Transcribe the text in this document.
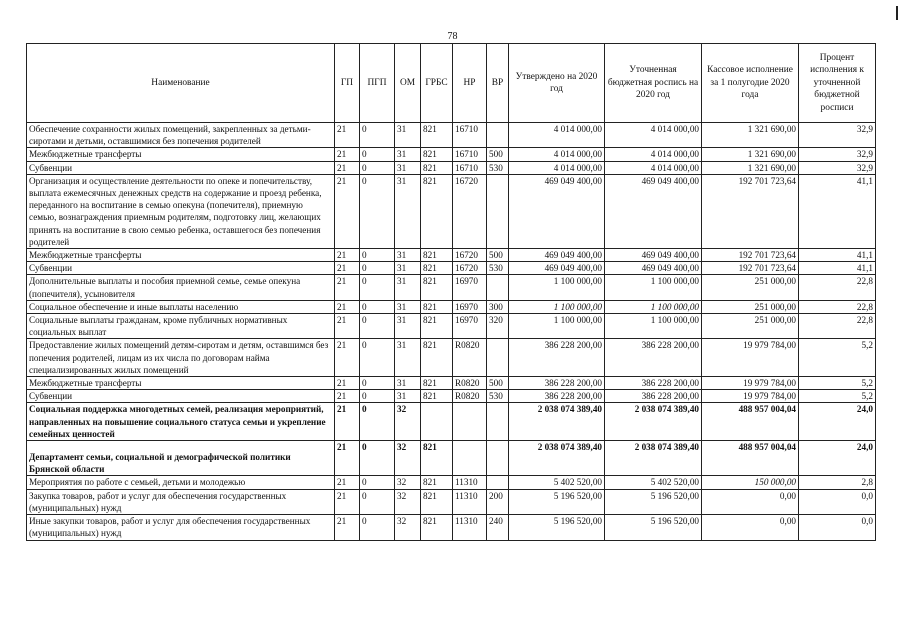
78
Наименование	ГП	ПГП	ОМ	ГРБС	НР	ВР	Утверждено на 2020 год	Уточненная бюджетная роспись на 2020 год	Кассовое исполнение за 1 полугодие 2020 года	Процент исполнения к уточненной бюджетной росписи
Обеспечение сохранности жилых помещений, закрепленных за детьми-сиротами и детьми, оставшимися без попечения родителей	21	0	31	821	16710		4 014 000,00	4 014 000,00	1 321 690,00	32,9
Межбюджетные трансферты	21	0	31	821	16710	500	4 014 000,00	4 014 000,00	1 321 690,00	32,9
Субвенции	21	0	31	821	16710	530	4 014 000,00	4 014 000,00	1 321 690,00	32,9
Организация и осуществление деятельности по опеке и попечительству, выплата ежемесячных денежных средств на содержание и проезд ребенка, переданного на воспитание в семью опекуна (попечителя), приемную семью, вознаграждения приемным родителям, подготовку лиц, желающих принять на воспитание в свою семью ребенка, оставшегося без попечения родителей	21	0	31	821	16720		469 049 400,00	469 049 400,00	192 701 723,64	41,1
Межбюджетные трансферты	21	0	31	821	16720	500	469 049 400,00	469 049 400,00	192 701 723,64	41,1
Субвенции	21	0	31	821	16720	530	469 049 400,00	469 049 400,00	192 701 723,64	41,1
Дополнительные выплаты и пособия приемной семье, семье опекуна (попечителя), усыновителя	21	0	31	821	16970		1 100 000,00	1 100 000,00	251 000,00	22,8
Социальное обеспечение и иные выплаты населению	21	0	31	821	16970	300	1 100 000,00	1 100 000,00	251 000,00	22,8
Социальные выплаты гражданам, кроме публичных нормативных социальных выплат	21	0	31	821	16970	320	1 100 000,00	1 100 000,00	251 000,00	22,8
Предоставление жилых помещений детям-сиротам и детям, оставшимся без попечения родителей, лицам из их числа по договорам найма специализированных жилых помещений	21	0	31	821	R0820		386 228 200,00	386 228 200,00	19 979 784,00	5,2
Межбюджетные трансферты	21	0	31	821	R0820	500	386 228 200,00	386 228 200,00	19 979 784,00	5,2
Субвенции	21	0	31	821	R0820	530	386 228 200,00	386 228 200,00	19 979 784,00	5,2
Социальная поддержка многодетных семей, реализация мероприятий, направленных на повышение социального статуса семьи и укрепление семейных ценностей	21	0	32				2 038 074 389,40	2 038 074 389,40	488 957 004,04	24,0
Департамент семьи, социальной и демографической политики Брянской области	21	0	32	821			2 038 074 389,40	2 038 074 389,40	488 957 004,04	24,0
Мероприятия по работе с семьей, детьми и молодежью	21	0	32	821	11310		5 402 520,00	5 402 520,00	150 000,00	2,8
Закупка товаров, работ и услуг для обеспечения государственных (муниципальных) нужд	21	0	32	821	11310	200	5 196 520,00	5 196 520,00	0,00	0,0
Иные закупки товаров, работ и услуг для обеспечения государственных (муниципальных) нужд	21	0	32	821	11310	240	5 196 520,00	5 196 520,00	0,00	0,0
